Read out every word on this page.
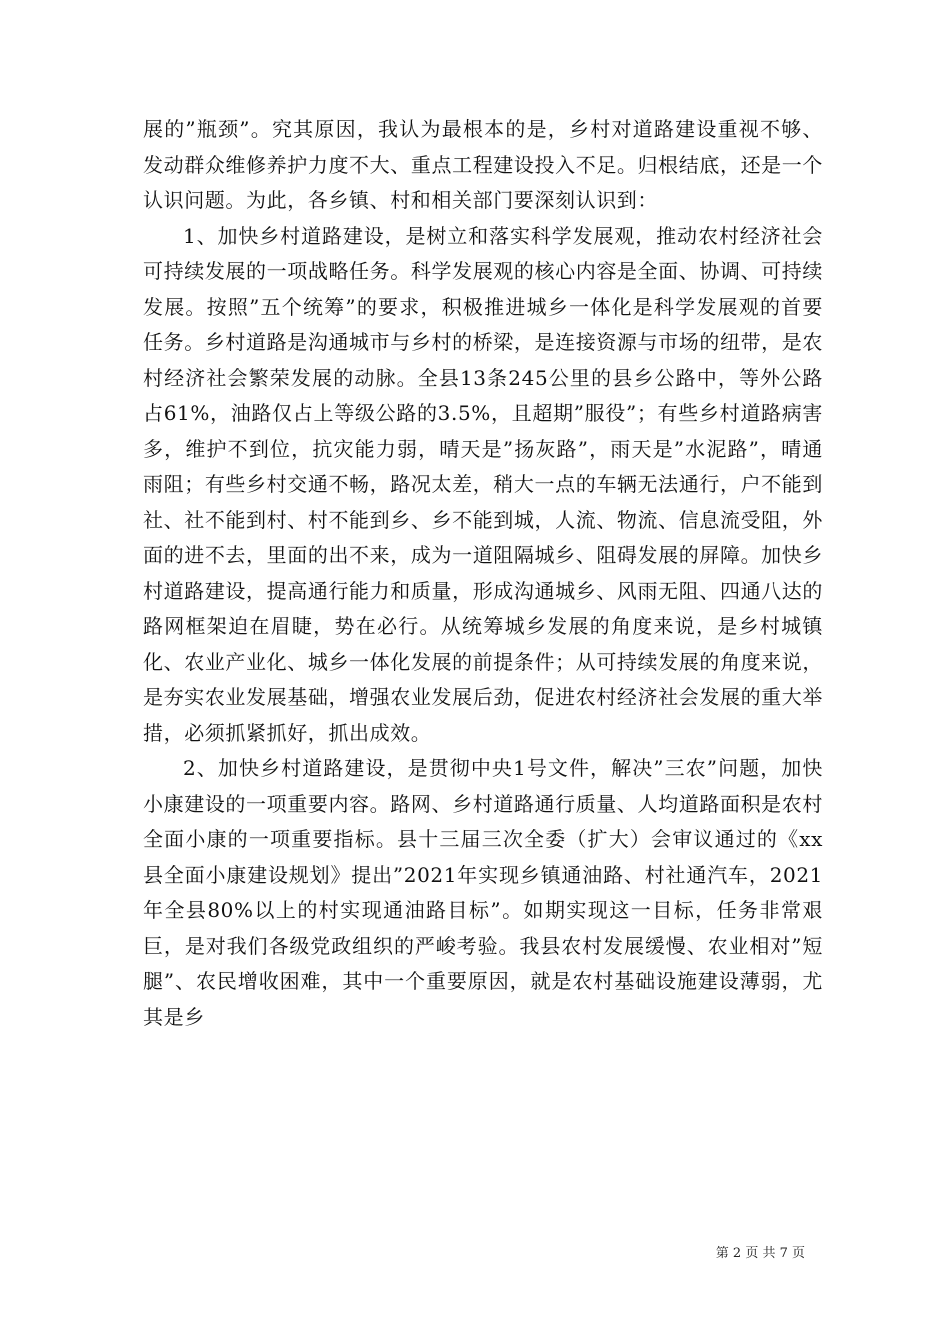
展的”瓶颈”。究其原因，我认为最根本的是，乡村对道路建设重视不够、发动群众维修养护力度不大、重点工程建设投入不足。归根结底，还是一个认识问题。为此，各乡镇、村和相关部门要深刻认识到：

1、加快乡村道路建设，是树立和落实科学发展观，推动农村经济社会可持续发展的一项战略任务。科学发展观的核心内容是全面、协调、可持续发展。按照”五个统筹”的要求，积极推进城乡一体化是科学发展观的首要任务。乡村道路是沟通城市与乡村的桥梁，是连接资源与市场的纽带，是农村经济社会繁荣发展的动脉。全县13条245公里的县乡公路中，等外公路占61%，油路仅占上等级公路的3.5%，且超期”服役”；有些乡村道路病害多，维护不到位，抗灾能力弱，晴天是”扬灰路”，雨天是”水泥路”，晴通雨阻；有些乡村交通不畅，路况太差，稍大一点的车辆无法通行，户不能到社、社不能到村、村不能到乡、乡不能到城，人流、物流、信息流受阻，外面的进不去，里面的出不来，成为一道阻隔城乡、阻碍发展的屏障。加快乡村道路建设，提高通行能力和质量，形成沟通城乡、风雨无阻、四通八达的路网框架迫在眉睫，势在必行。从统筹城乡发展的角度来说，是乡村城镇化、农业产业化、城乡一体化发展的前提条件；从可持续发展的角度来说，是夯实农业发展基础，增强农业发展后劲，促进农村经济社会发展的重大举措，必须抓紧抓好，抓出成效。

2、加快乡村道路建设，是贯彻中央1号文件，解决”三农”问题，加快小康建设的一项重要内容。路网、乡村道路通行质量、人均道路面积是农村全面小康的一项重要指标。县十三届三次全委（扩大）会审议通过的《xx县全面小康建设规划》提出”2021年实现乡镇通油路、村社通汽车，2021年全县80%以上的村实现通油路目标”。如期实现这一目标，任务非常艰巨，是对我们各级党政组织的严峻考验。我县农村发展缓慢、农业相对”短腿”、农民增收困难，其中一个重要原因，就是农村基础设施建设薄弱，尤其是乡

第 2 页 共 7 页
